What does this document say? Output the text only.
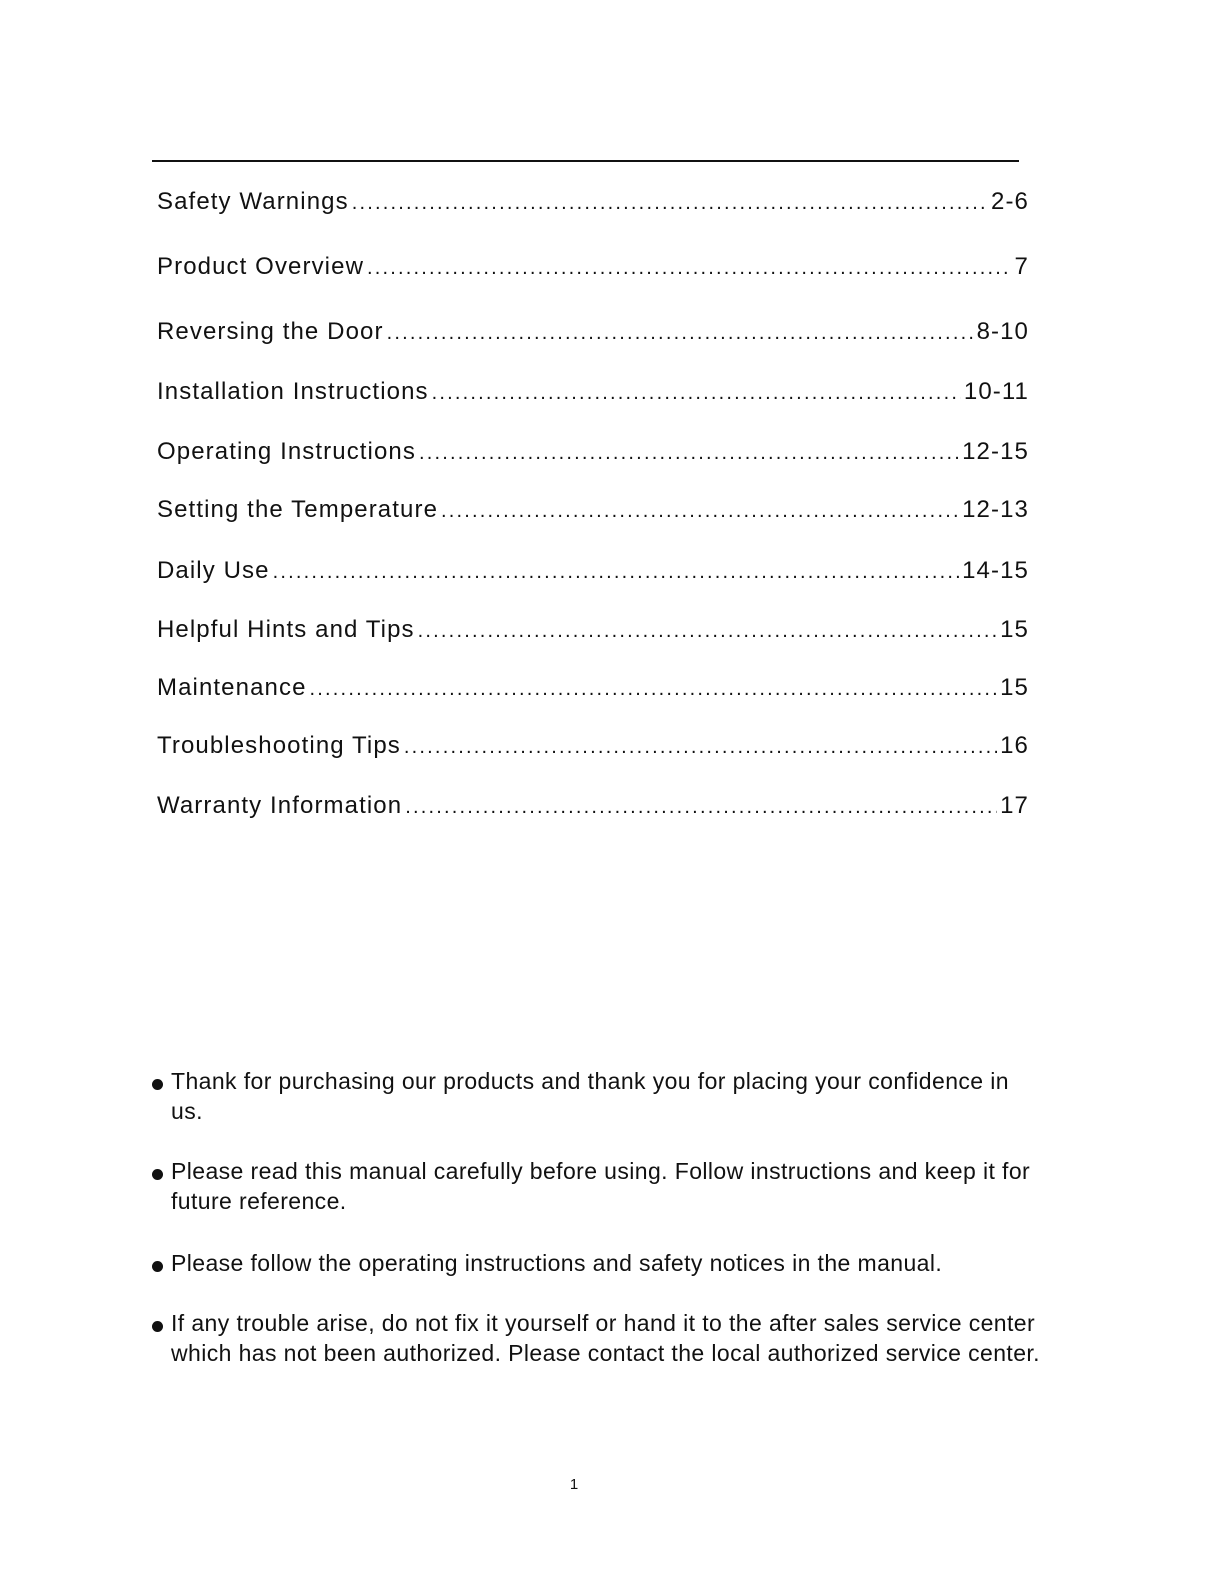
Safety Warnings .....	2-6
Product Overview .....	7
Reversing the Door .....	8-10
Installation Instructions .....	10-11
Operating Instructions .....	12-15
Setting the Temperature .....	12-13
Daily Use .....	14-15
Helpful Hints and Tips .....	15
Maintenance .....	15
Troubleshooting Tips .....	16
Warranty Information .....	17
Thank for purchasing our products and thank you for placing your confidence in us.
Please read this manual carefully before using. Follow instructions and keep it for future reference.
Please follow the operating instructions and safety notices in the manual.
If any trouble arise, do not fix it yourself or hand it to the after sales service center which has not been authorized. Please contact the local authorized service center.
1
